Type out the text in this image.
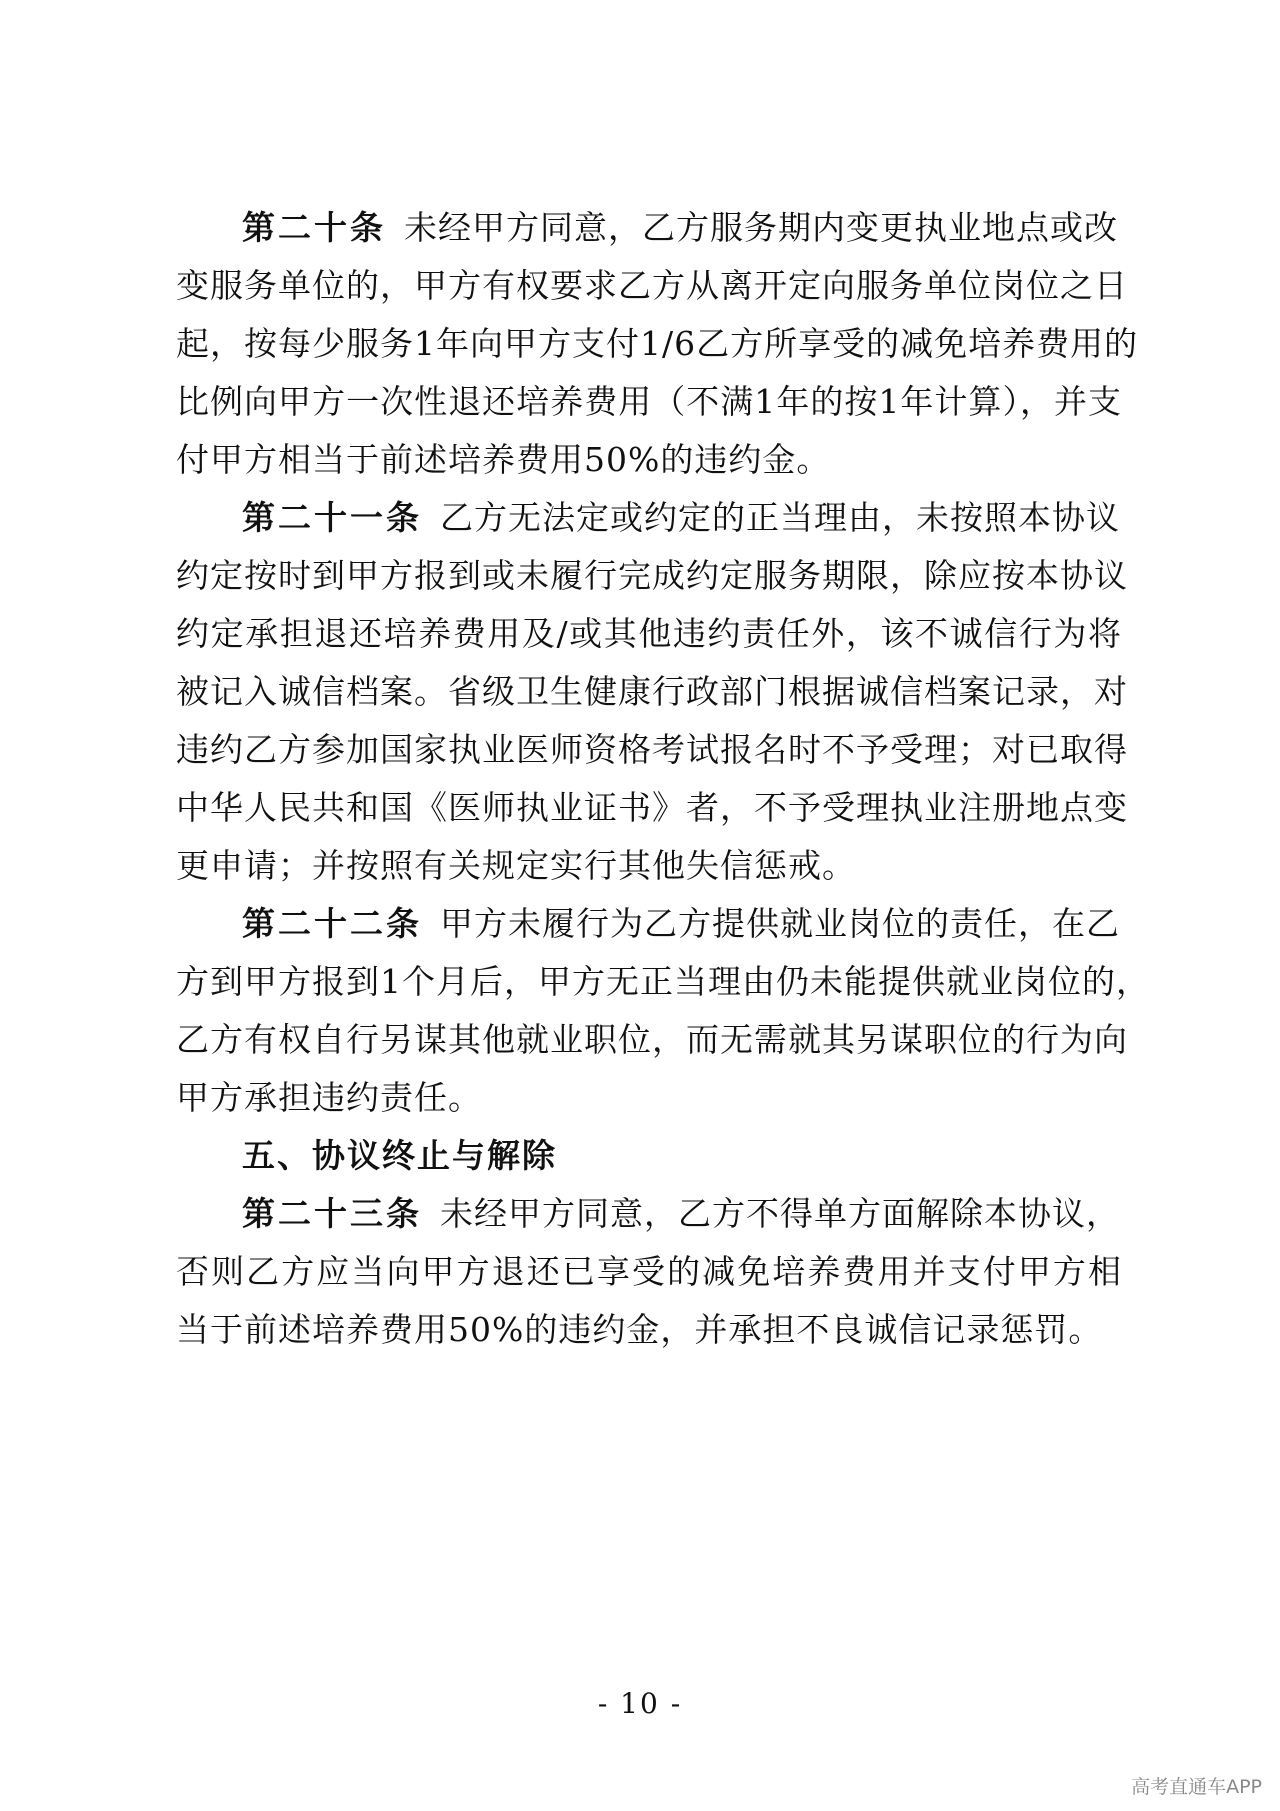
第二十条 未经甲方同意，乙方服务期内变更执业地点或改
变服务单位的，甲方有权要求乙方从离开定向服务单位岗位之日
起，按每少服务1年向甲方支付1/6乙方所享受的减免培养费用的
比例向甲方一次性退还培养费用（不满1年的按1年计算），并支
付甲方相当于前述培养费用50%的违约金。
第二十一条 乙方无法定或约定的正当理由，未按照本协议
约定按时到甲方报到或未履行完成约定服务期限，除应按本协议
约定承担退还培养费用及/或其他违约责任外，该不诚信行为将
被记入诚信档案。省级卫生健康行政部门根据诚信档案记录，对
违约乙方参加国家执业医师资格考试报名时不予受理；对已取得
中华人民共和国《医师执业证书》者，不予受理执业注册地点变
更申请；并按照有关规定实行其他失信惩戒。
第二十二条 甲方未履行为乙方提供就业岗位的责任，在乙
方到甲方报到1个月后，甲方无正当理由仍未能提供就业岗位的，
乙方有权自行另谋其他就业职位，而无需就其另谋职位的行为向
甲方承担违约责任。
五、协议终止与解除
第二十三条 未经甲方同意，乙方不得单方面解除本协议，
否则乙方应当向甲方退还已享受的减免培养费用并支付甲方相
当于前述培养费用50%的违约金，并承担不良诚信记录惩罚。
- 10 -
高考直通车APP
